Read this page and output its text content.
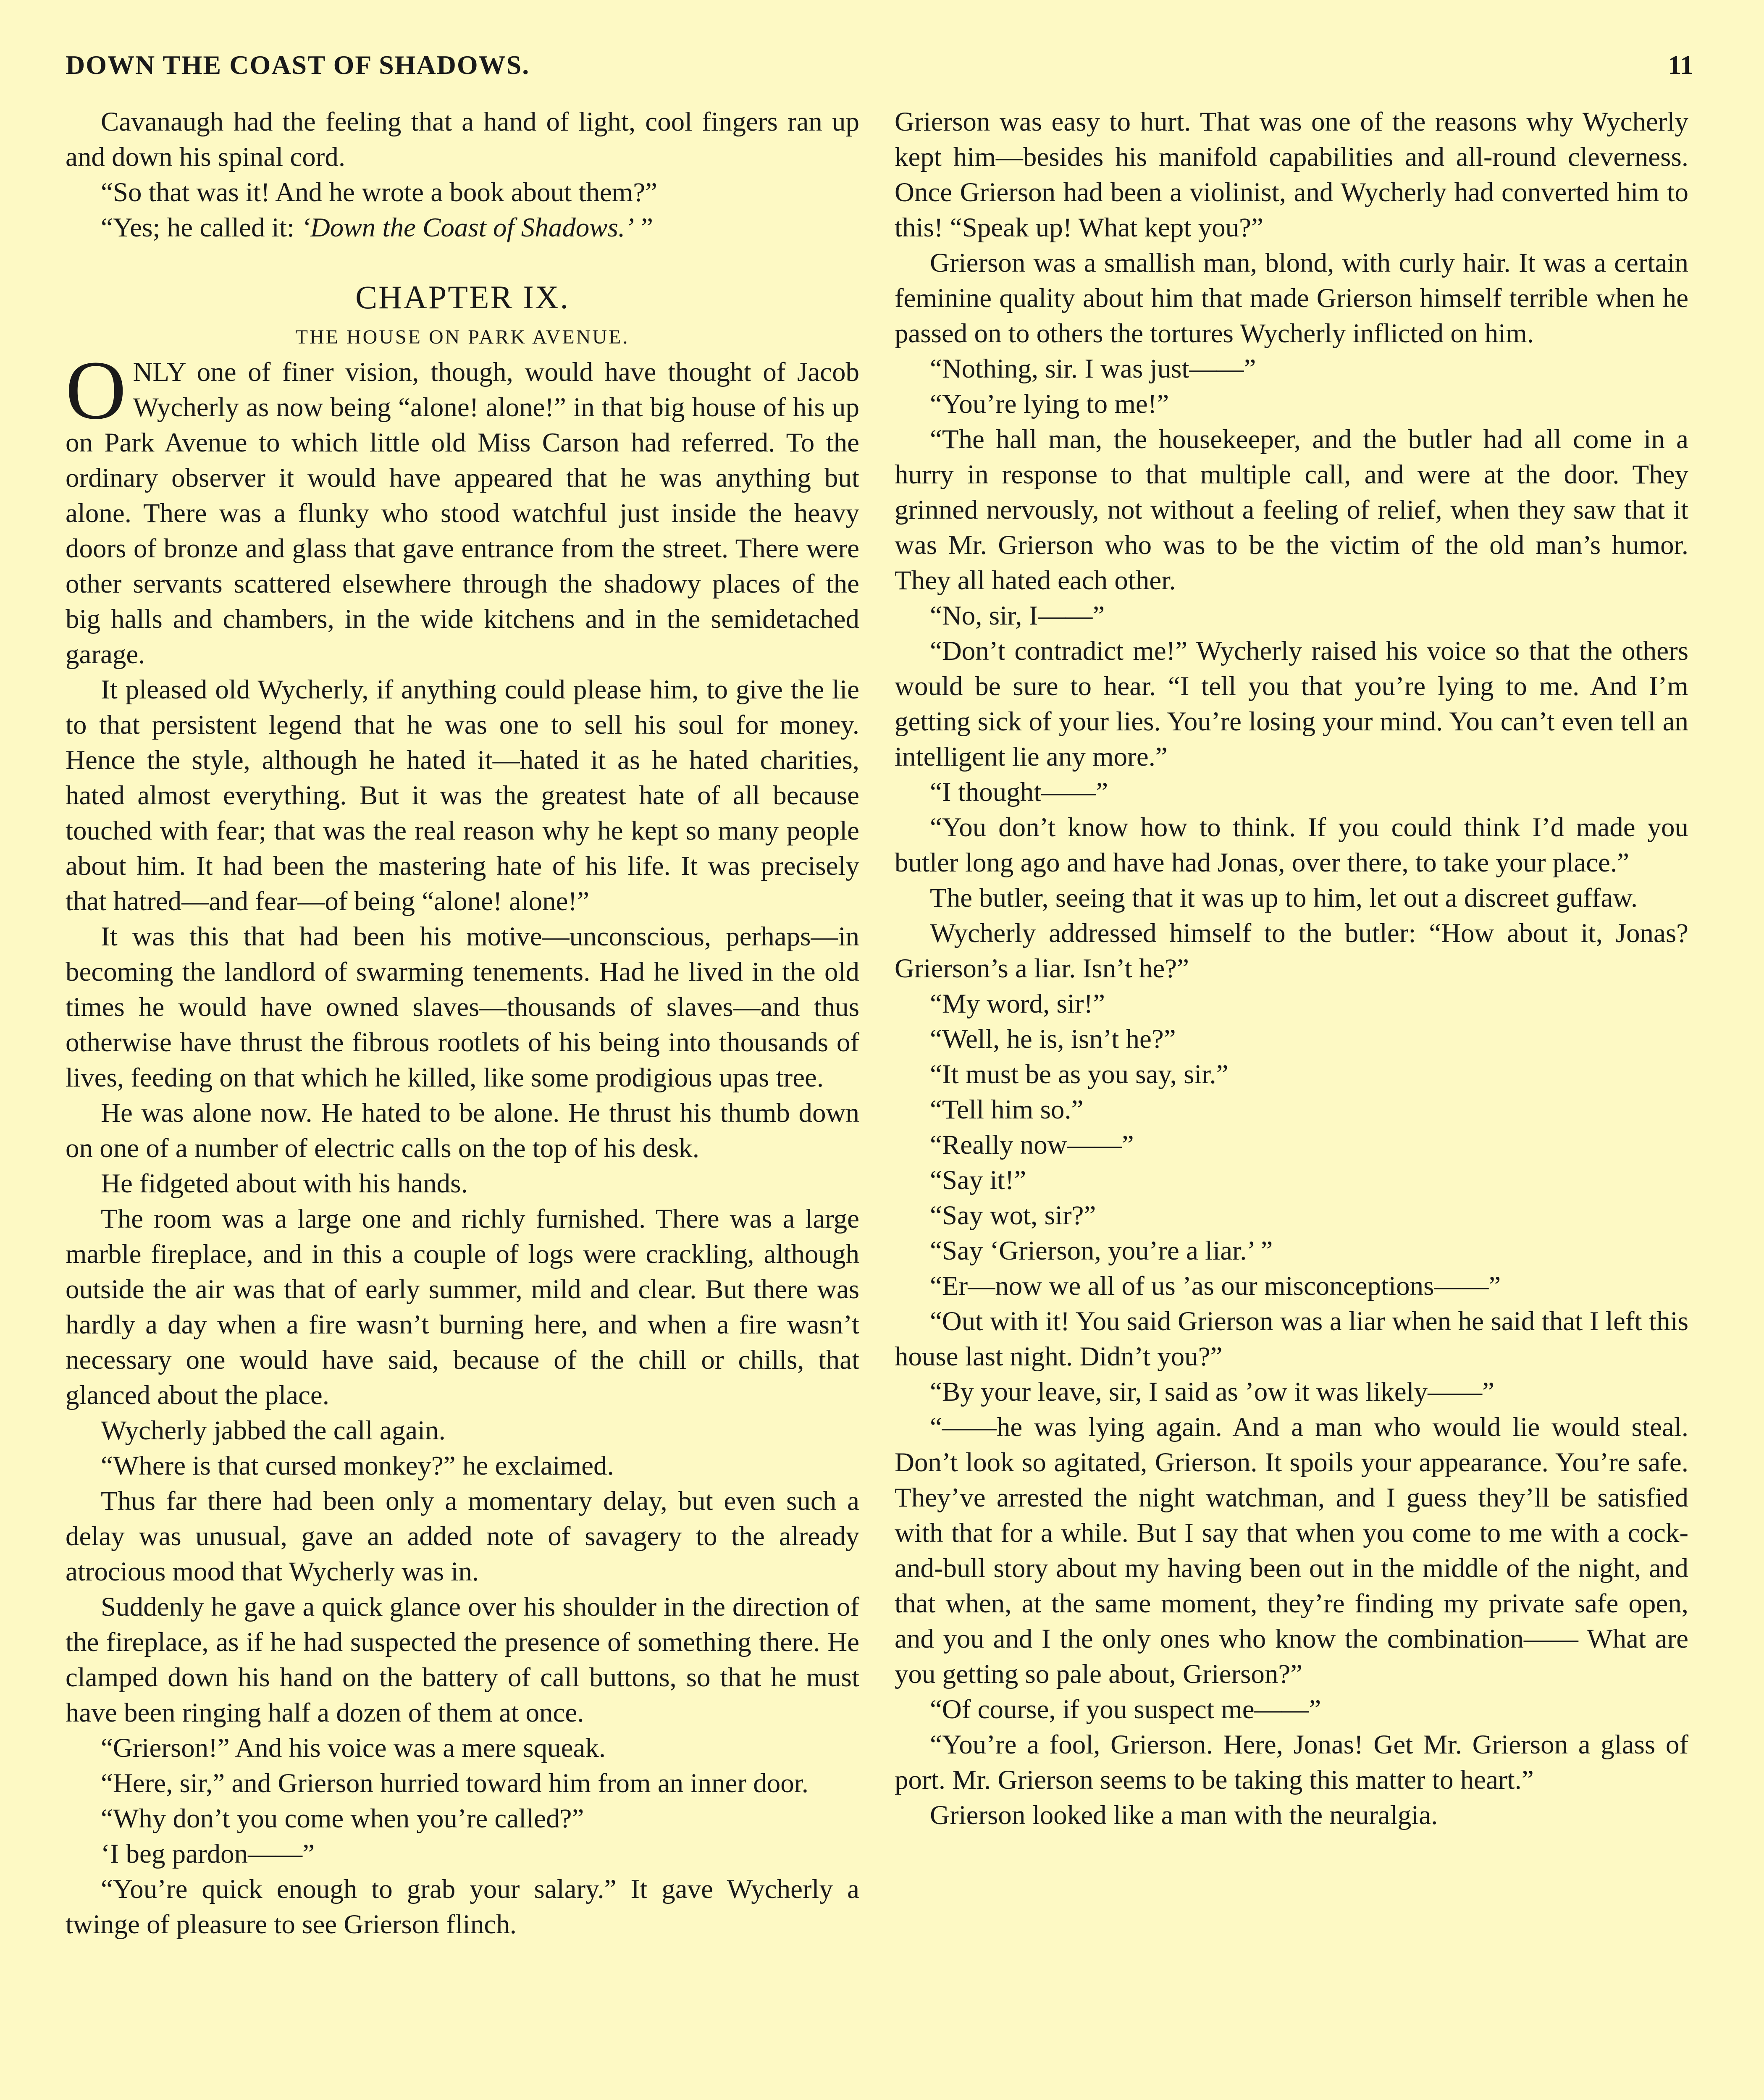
DOWN THE COAST OF SHADOWS.	11

Cavanaugh had the feeling that a hand of light, cool fingers ran up and down his spinal cord.

“So that was it! And he wrote a book about them?”

“Yes; he called it: ‘Down the Coast of Shadows.’ ”

CHAPTER IX.
THE HOUSE ON PARK AVENUE.

ONLY one of finer vision, though, would have thought of Jacob Wycherly as now being “alone! alone!” in that big house of his up on Park Avenue to which little old Miss Carson had referred. To the ordinary observer it would have appeared that he was anything but alone. There was a flunky who stood watchful just inside the heavy doors of bronze and glass that gave entrance from the street. There were other servants scattered elsewhere through the shadowy places of the big halls and chambers, in the wide kitchens and in the semidetached garage.

It pleased old Wycherly, if anything could please him, to give the lie to that persistent legend that he was one to sell his soul for money. Hence the style, although he hated it—hated it as he hated charities, hated almost everything. But it was the greatest hate of all because touched with fear; that was the real reason why he kept so many people about him. It had been the mastering hate of his life. It was precisely that hatred—and fear—of being “alone! alone!”

It was this that had been his motive—unconscious, perhaps—in becoming the landlord of swarming tenements. Had he lived in the old times he would have owned slaves—thousands of slaves—and thus otherwise have thrust the fibrous rootlets of his being into thousands of lives, feeding on that which he killed, like some prodigious upas tree.

He was alone now. He hated to be alone. He thrust his thumb down on one of a number of electric calls on the top of his desk.

He fidgeted about with his hands.

The room was a large one and richly furnished. There was a large marble fireplace, and in this a couple of logs were crackling, although outside the air was that of early summer, mild and clear. But there was hardly a day when a fire wasn’t burning here, and when a fire wasn’t necessary one would have said, because of the chill or chills, that glanced about the place.

Wycherly jabbed the call again.

“Where is that cursed monkey?” he exclaimed.

Thus far there had been only a momentary delay, but even such a delay was unusual, gave an added note of savagery to the already atrocious mood that Wycherly was in.

Suddenly he gave a quick glance over his shoulder in the direction of the fireplace, as if he had suspected the presence of something there. He clamped down his hand on the battery of call buttons, so that he must have been ringing half a dozen of them at once.

“Grierson!” And his voice was a mere squeak.

“Here, sir,” and Grierson hurried toward him from an inner door.

“Why don’t you come when you’re called?”

‘I beg pardon——”

“You’re quick enough to grab your salary.” It gave Wycherly a twinge of pleasure to see Grierson flinch.

Grierson was easy to hurt. That was one of the reasons why Wycherly kept him—besides his manifold capabilities and all-round cleverness. Once Grierson had been a violinist, and Wycherly had converted him to this! “Speak up! What kept you?”

Grierson was a smallish man, blond, with curly hair. It was a certain feminine quality about him that made Grierson himself terrible when he passed on to others the tortures Wycherly inflicted on him.

“Nothing, sir. I was just——”

“You’re lying to me!”

“The hall man, the housekeeper, and the butler had all come in a hurry in response to that multiple call, and were at the door. They grinned nervously, not without a feeling of relief, when they saw that it was Mr. Grierson who was to be the victim of the old man’s humor. They all hated each other.

“No, sir, I——”

“Don’t contradict me!” Wycherly raised his voice so that the others would be sure to hear. “I tell you that you’re lying to me. And I’m getting sick of your lies. You’re losing your mind. You can’t even tell an intelligent lie any more.”

“I thought——”

“You don’t know how to think. If you could think I’d made you butler long ago and have had Jonas, over there, to take your place.”

The butler, seeing that it was up to him, let out a discreet guffaw.

Wycherly addressed himself to the butler: “How about it, Jonas? Grierson’s a liar. Isn’t he?”

“My word, sir!”

“Well, he is, isn’t he?”

“It must be as you say, sir.”

“Tell him so.”

“Really now——”

“Say it!”

“Say wot, sir?”

“Say ‘Grierson, you’re a liar.’ ”

“Er—now we all of us ’as our misconceptions——”

“Out with it! You said Grierson was a liar when he said that I left this house last night. Didn’t you?”

“By your leave, sir, I said as ’ow it was likely——”

“——he was lying again. And a man who would lie would steal. Don’t look so agitated, Grierson. It spoils your appearance. You’re safe. They’ve arrested the night watchman, and I guess they’ll be satisfied with that for a while. But I say that when you come to me with a cock-and-bull story about my having been out in the middle of the night, and that when, at the same moment, they’re finding my private safe open, and you and I the only ones who know the combination—— What are you getting so pale about, Grierson?”

“Of course, if you suspect me——”

“You’re a fool, Grierson. Here, Jonas! Get Mr. Grierson a glass of port. Mr. Grierson seems to be taking this matter to heart.”

Grierson looked like a man with the neuralgia.
